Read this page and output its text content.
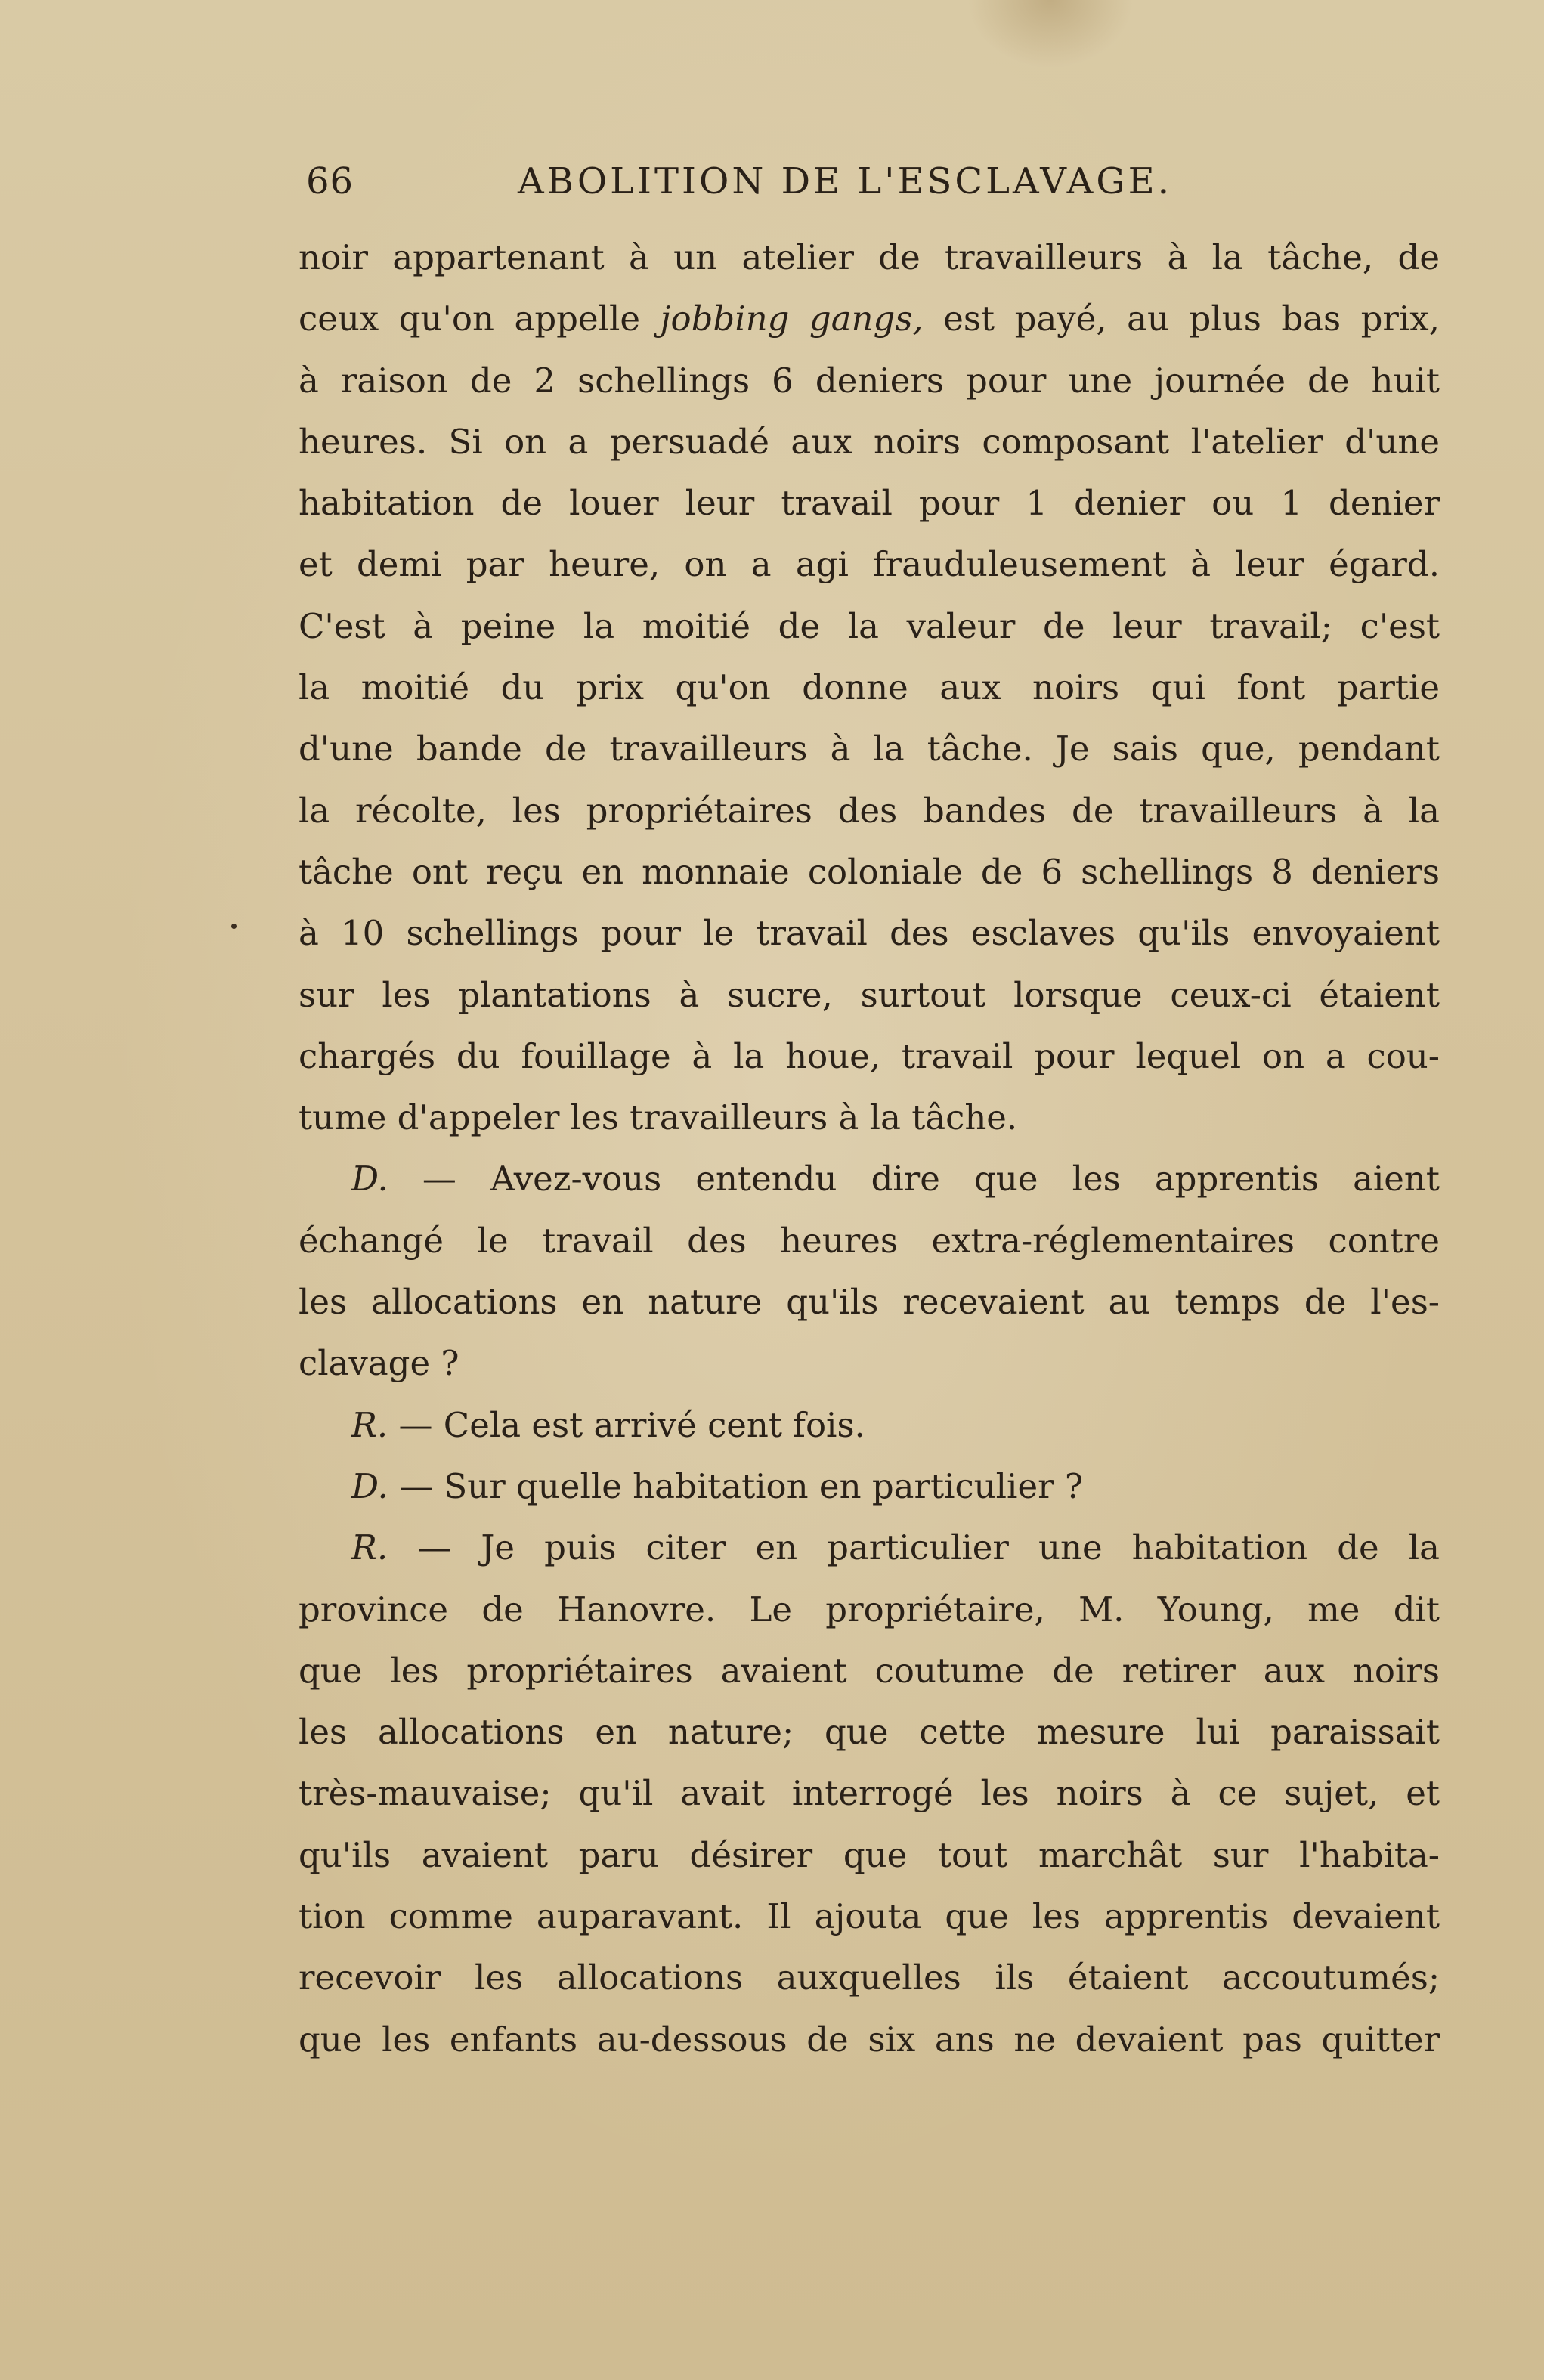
66	ABOLITION DE L'ESCLAVAGE.
noir appartenant à un atelier de travailleurs à la tâche, de
ceux qu'on appelle jobbing gangs, est payé, au plus bas prix,
à raison de 2 schellings 6 deniers pour une journée de huit
heures. Si on a persuadé aux noirs composant l'atelier d'une
habitation de louer leur travail pour 1 denier ou 1 denier
et demi par heure, on a agi frauduleusement à leur égard.
C'est à peine la moitié de la valeur de leur travail; c'est
la moitié du prix qu'on donne aux noirs qui font partie
d'une bande de travailleurs à la tâche. Je sais que, pendant
la récolte, les propriétaires des bandes de travailleurs à la
tâche ont reçu en monnaie coloniale de 6 schellings 8 deniers
à 10 schellings pour le travail des esclaves qu'ils envoyaient
sur les plantations à sucre, surtout lorsque ceux-ci étaient
chargés du fouillage à la houe, travail pour lequel on a cou-
tume d'appeler les travailleurs à la tâche.
D. — Avez-vous entendu dire que les apprentis aient
échangé le travail des heures extra-réglementaires contre
les allocations en nature qu'ils recevaient au temps de l'es-
clavage ?
R. — Cela est arrivé cent fois.
D. — Sur quelle habitation en particulier ?
R. — Je puis citer en particulier une habitation de la
province de Hanovre. Le propriétaire, M. Young, me dit
que les propriétaires avaient coutume de retirer aux noirs
les allocations en nature; que cette mesure lui paraissait
très-mauvaise; qu'il avait interrogé les noirs à ce sujet, et
qu'ils avaient paru désirer que tout marchât sur l'habita-
tion comme auparavant. Il ajouta que les apprentis devaient
recevoir les allocations auxquelles ils étaient accoutumés;
que les enfants au-dessous de six ans ne devaient pas quitter
